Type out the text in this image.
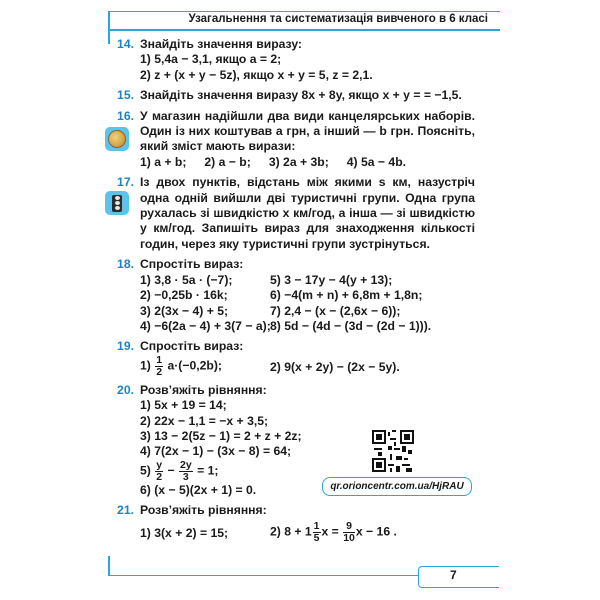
Узагальнення та систематизація вивченого в 6 класі
14. Знайдіть значення виразу:
1) 5,4a − 3,1, якщо a = 2;
2) z + (x + y − 5z), якщо x + y = 5, z = 2,1.
15. Знайдіть значення виразу 8x + 8y, якщо x + y = = −1,5.
16. У магазин надійшли два види канцелярських наборів. Один із них коштував a грн, а інший — b грн. Поясніть, який зміст мають вирази:
1) a + b; 2) a − b; 3) 2a + 3b; 4) 5a − 4b.
17. Із двох пунктів, відстань між якими s км, назустріч одна одній вийшли дві туристичні групи. Одна група рухалась зі швидкістю x км/год, а інша — зі швидкістю y км/год. Запишіть вираз для знаходження кількості годин, через яку туристичні групи зустрінуться.
18. Спростіть вираз:
1) 3,8 · 5a · (−7);	5) 3 − 17y − 4(y + 13);
2) −0,25b · 16k;	6) −4(m + n) + 6,8m + 1,8n;
3) 2(3x − 4) + 5;	7) 2,4 − (x − (2,6x − 6));
4) −6(2a − 4) + 3(7 − a); 8) 5d − (4d − (3d − (2d − 1))).
19. Спростіть вираз:
$1) \frac{1}{2} a\cdot(-0,2b)$;	2) 9(x + 2y) − (2x − 5y).
20. Розв’яжіть рівняння:
1) 5x + 19 = 14;
2) 22x − 1,1 = −x + 3,5;
3) 13 − 2(5z − 1) = 2 + z + 2z;
4) 7(2x − 1) − (3x − 8) = 64;
$5) \frac{y}{2} - \frac{2y}{3} = 1$;
6) (x − 5)(2x + 1) = 0.
21. Розв’яжіть рівняння:
1) 3(x + 2) = 15;	2) $8 + 1 \frac{1}{5}$ $x = \frac{9}{10}$ x − 16 .
qr.orioncentr.com.ua/HjRAU
7
